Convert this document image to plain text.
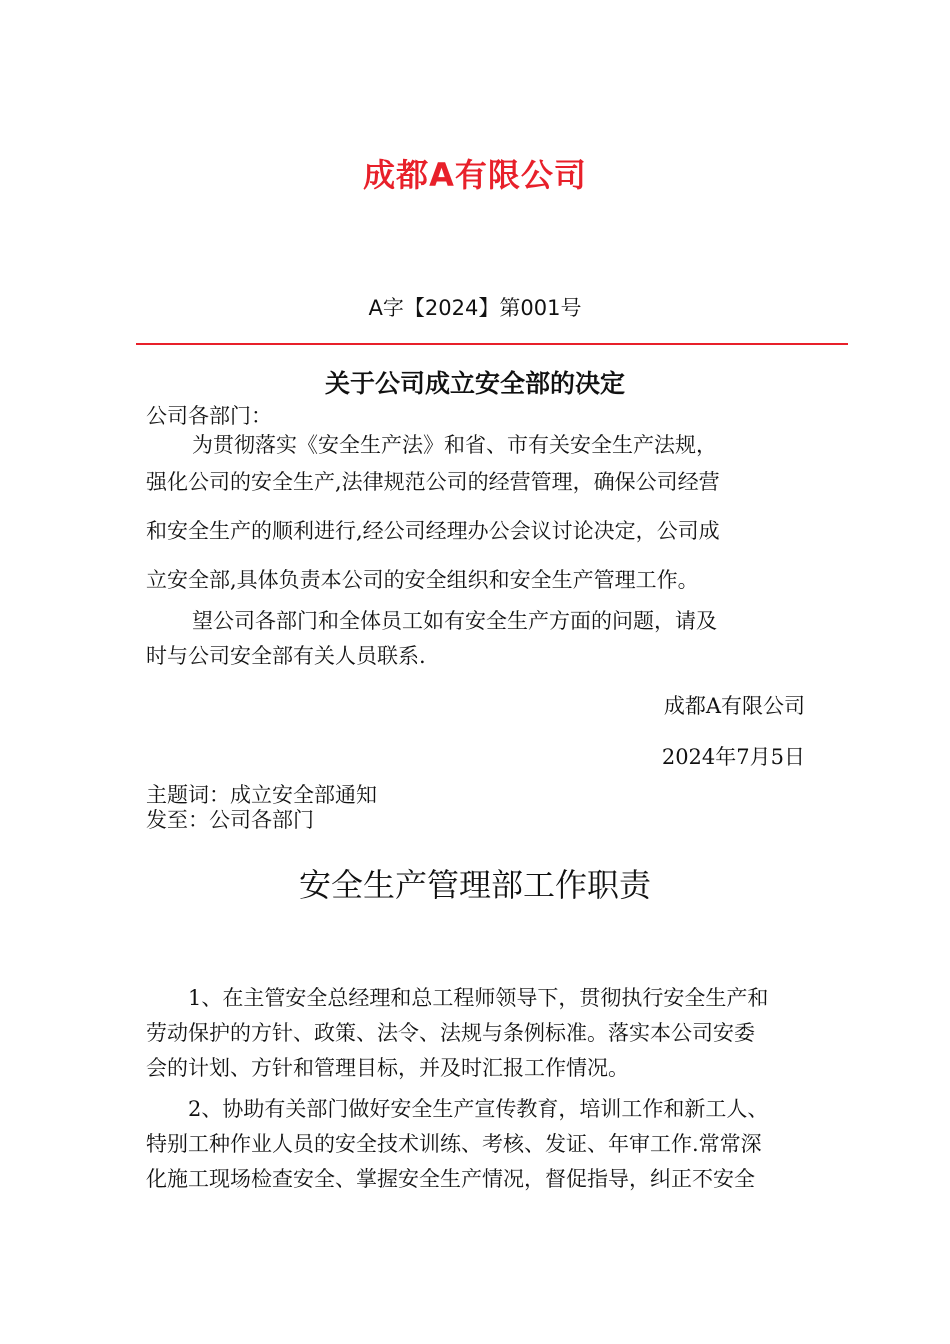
成都A有限公司
A字【2024】第001号
关于公司成立安全部的决定
公司各部门：
为贯彻落实《安全生产法》和省、市有关安全生产法规，
强化公司的安全生产,法律规范公司的经营管理，确保公司经营
和安全生产的顺利进行,经公司经理办公会议讨论决定，公司成
立安全部,具体负责本公司的安全组织和安全生产管理工作。
望公司各部门和全体员工如有安全生产方面的问题，请及
时与公司安全部有关人员联系.
成都A有限公司
2024年7月5日
主题词：成立安全部通知
发至：公司各部门
安全生产管理部工作职责
1、在主管安全总经理和总工程师领导下，贯彻执行安全生产和
劳动保护的方针、政策、法令、法规与条例标准。落实本公司安委
会的计划、方针和管理目标，并及时汇报工作情况。
2、协助有关部门做好安全生产宣传教育，培训工作和新工人、
特别工种作业人员的安全技术训练、考核、发证、年审工作.常常深
化施工现场检查安全、掌握安全生产情况，督促指导，纠正不安全
